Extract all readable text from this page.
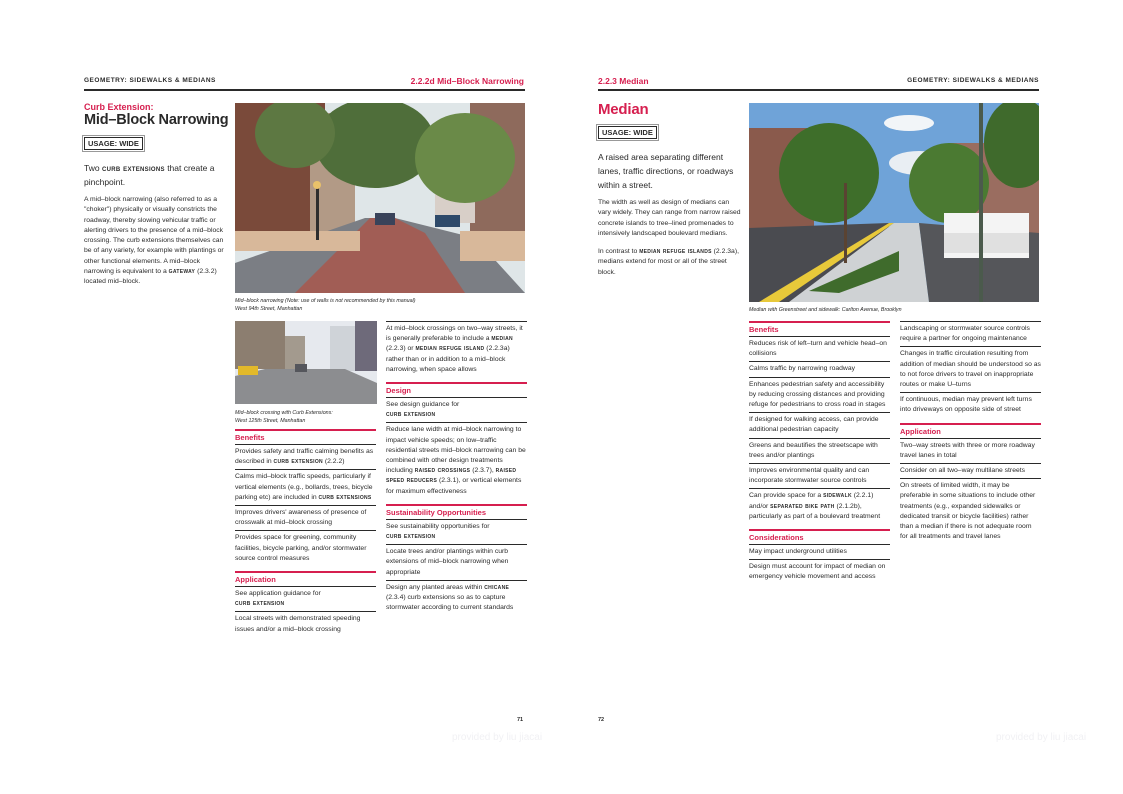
GEOMETRY: SIDEWALKS & MEDIANS	2.2.2d Mid–Block Narrowing
Curb Extension:
Mid–Block Narrowing
USAGE: WIDE
Two curb extensions that create a pinchpoint.
A mid–block narrowing (also referred to as a "choker") physically or visually constricts the roadway, thereby slowing vehicular traffic or alerting drivers to the presence of a mid–block crossing. The curb extensions themselves can be of any variety, for example with plantings or other functional elements. A mid–block narrowing is equivalent to a gateway (2.3.2) located mid–block.
Mid–block narrowing (Note: use of walls is not recommended by this manual)
West 94th Street, Manhattan
Mid–block crossing with Curb Extensions:
West 125th Street, Manhattan
Benefits
Provides safety and traffic calming benefits as described in curb extension (2.2.2)
Calms mid–block traffic speeds, particularly if vertical elements (e.g., bollards, trees, bicycle parking etc) are included in curb extensions
Improves drivers' awareness of presence of crosswalk at mid–block crossing
Provides space for greening, community facilities, bicycle parking, and/or stormwater source control measures
Application
See application guidance for
curb extension
Local streets with demonstrated speeding issues and/or a mid–block crossing
At mid–block crossings on two–way streets, it is generally preferable to include a median (2.2.3) or median refuge island (2.2.3a) rather than or in addition to a mid–block narrowing, when space allows
Design
See design guidance for
curb extension
Reduce lane width at mid–block narrowing to impact vehicle speeds; on low–traffic residential streets mid–block narrowing can be combined with other design treatments including raised crossings (2.3.7), raised speed reducers (2.3.1), or vertical elements for maximum effectiveness
Sustainability Opportunities
See sustainability opportunities for
curb extension
Locate trees and/or plantings within curb extensions of mid–block narrowing when appropriate
Design any planted areas within chicane (2.3.4) curb extensions so as to capture stormwater according to current standards
71
provided by liu jiacai
2.2.3 Median	GEOMETRY: SIDEWALKS & MEDIANS
Median
USAGE: WIDE
A raised area separating different lanes, traffic directions, or roadways within a street.
The width as well as design of medians can vary widely. They can range from narrow raised concrete islands to tree–lined promenades to intensively landscaped boulevard medians.
In contrast to median refuge islands (2.2.3a), medians extend for most or all of the street block.
Median with Greenstreet and sidewalk: Carlton Avenue, Brooklyn
Benefits
Reduces risk of left–turn and vehicle head–on collisions
Calms traffic by narrowing roadway
Enhances pedestrian safety and accessibility by reducing crossing distances and providing refuge for pedestrians to cross road in stages
If designed for walking access, can provide additional pedestrian capacity
Greens and beautifies the streetscape with trees and/or plantings
Improves environmental quality and can incorporate stormwater source controls
Can provide space for a sidewalk (2.2.1) and/or separated bike path (2.1.2b), particularly as part of a boulevard treatment
Considerations
May impact underground utilities
Design must account for impact of median on emergency vehicle movement and access
Landscaping or stormwater source controls require a partner for ongoing maintenance
Changes in traffic circulation resulting from addition of median should be understood so as to not force drivers to travel on inappropriate routes or make U–turns
If continuous, median may prevent left turns into driveways on opposite side of street
Application
Two–way streets with three or more roadway travel lanes in total
Consider on all two–way multilane streets
On streets of limited width, it may be preferable in some situations to include other treatments (e.g., expanded sidewalks or dedicated transit or bicycle facilities) rather than a median if there is not adequate room for all treatments and travel lanes
72
provided by liu jiacai
